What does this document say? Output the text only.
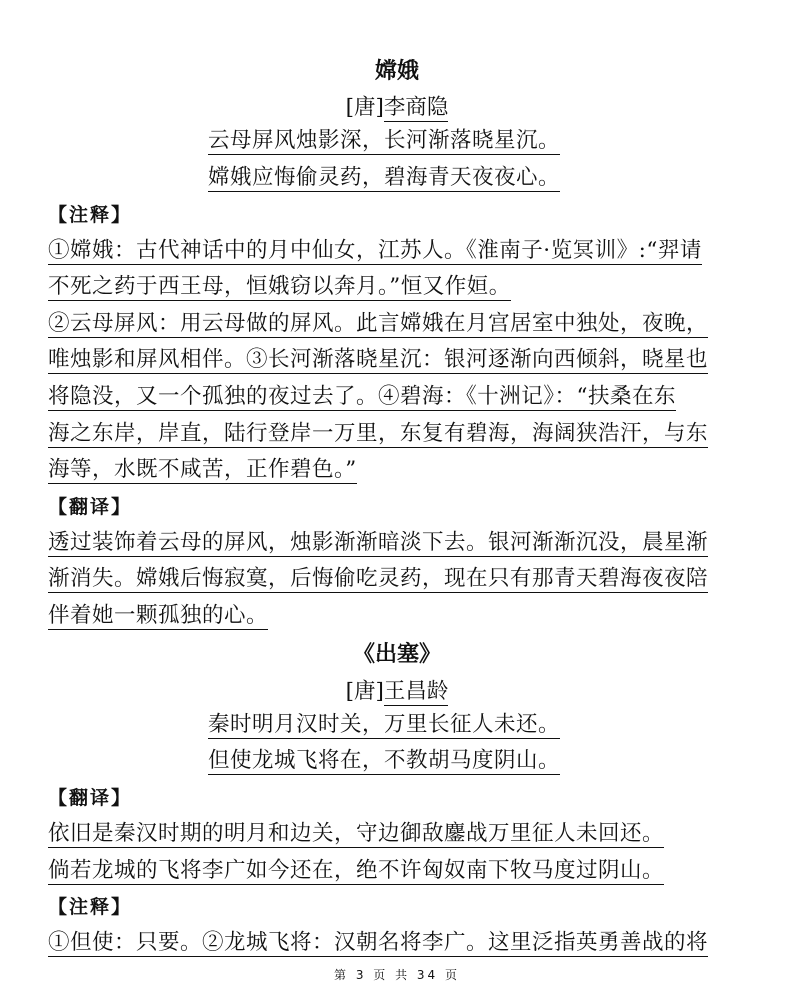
嫦娥
[唐]李商隐
云母屏风烛影深，长河渐落晓星沉。
嫦娥应悔偷灵药，碧海青天夜夜心。
【注释】
①嫦娥：古代神话中的月中仙女，江苏人。《淮南子·览冥训》:“羿请
不死之药于西王母，恒娥窃以奔月。”恒又作姮。
②云母屏风：用云母做的屏风。此言嫦娥在月宫居室中独处，夜晚，
唯烛影和屏风相伴。③长河渐落晓星沉：银河逐渐向西倾斜，晓星也
将隐没，又一个孤独的夜过去了。④碧海：《十洲记》：“扶桑在东
海之东岸，岸直，陆行登岸一万里，东复有碧海，海阔狭浩汗，与东
海等，水既不咸苦，正作碧色。”
【翻译】
透过装饰着云母的屏风，烛影渐渐暗淡下去。银河渐渐沉没，晨星渐
渐消失。嫦娥后悔寂寞，后悔偷吃灵药，现在只有那青天碧海夜夜陪
伴着她一颗孤独的心。
《出塞》
[唐]王昌龄
秦时明月汉时关，万里长征人未还。
但使龙城飞将在，不教胡马度阴山。
【翻译】
依旧是秦汉时期的明月和边关，守边御敌鏖战万里征人未回还。
倘若龙城的飞将李广如今还在，绝不许匈奴南下牧马度过阴山。
【注释】
①但使：只要。②龙城飞将：汉朝名将李广。这里泛指英勇善战的将
第 3 页 共 34 页
